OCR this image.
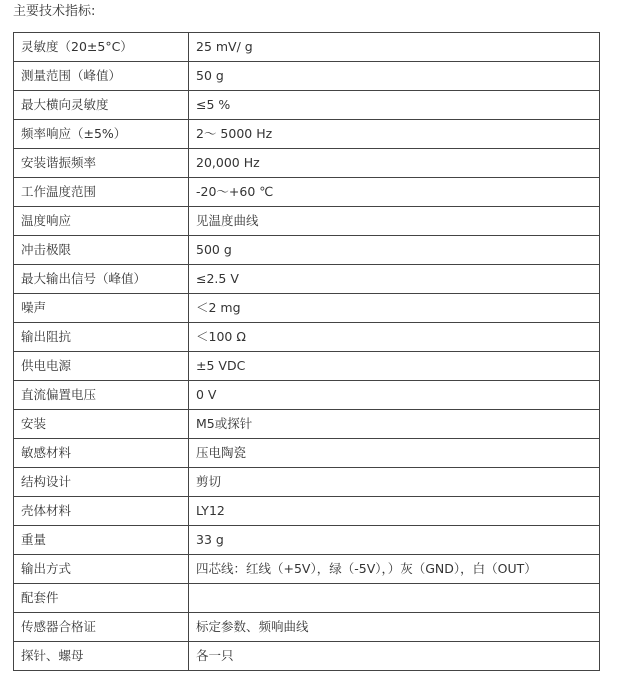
主要技术指标:
灵敏度（20±5°C）	25 mV/ g
测量范围（峰值）	50 g
最大横向灵敏度	≤5 %
频率响应（±5%）	2～ 5000 Hz
安装谐振频率	20,000 Hz
工作温度范围	-20～+60 ℃
温度响应	见温度曲线
冲击极限	500 g
最大输出信号（峰值）	≤2.5 V
噪声	＜2 mg
输出阻抗	＜100 Ω
供电电源	±5 VDC
直流偏置电压	0 V
安装	M5或探针
敏感材料	压电陶瓷
结构设计	剪切
壳体材料	LY12
重量	33 g
输出方式	四芯线：红线（+5V），绿（-5V），）灰（GND），白（OUT）
配套件	
传感器合格证	标定参数、频响曲线
探针、螺母	各一只
